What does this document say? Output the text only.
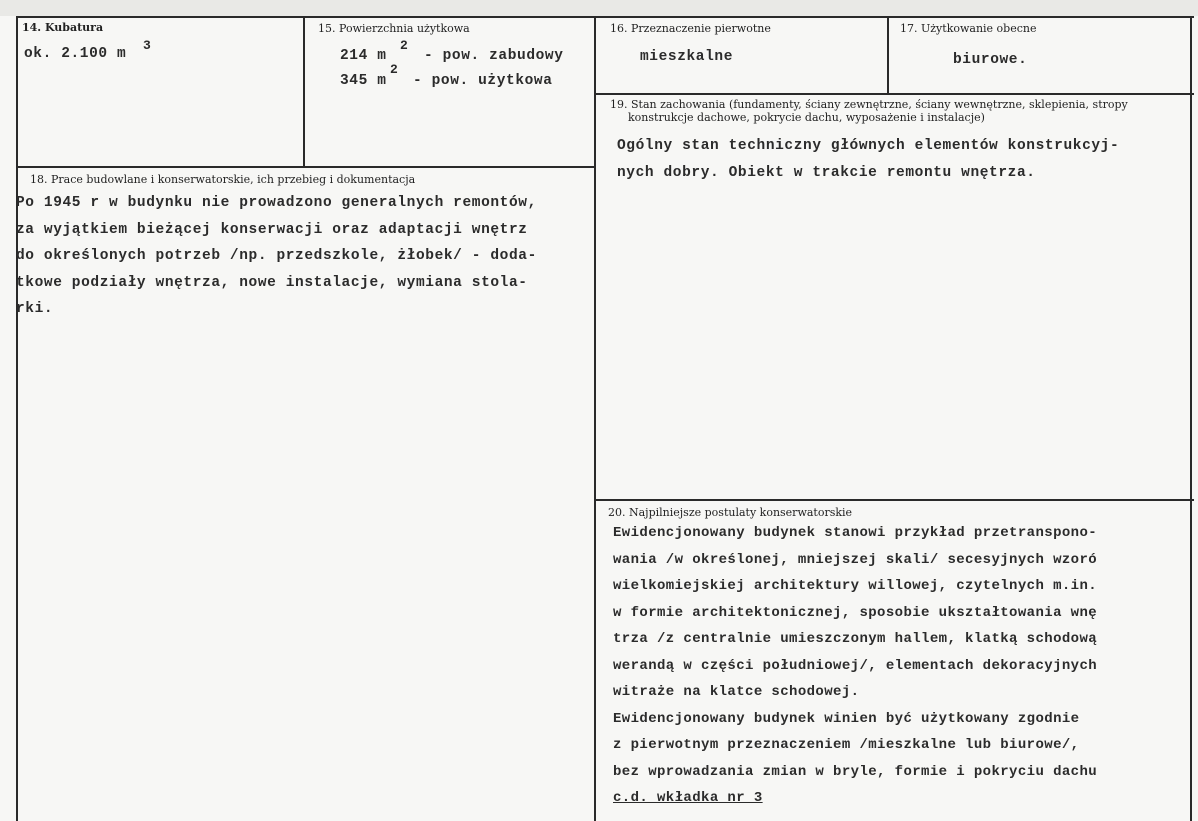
14. Kubatura
ok. 2.100 m
3
15. Powierzchnia użytkowa
214 m
2
- pow. zabudowy
345 m
2
- pow. użytkowa
16. Przeznaczenie pierwotne
mieszkalne
17. Użytkowanie obecne
biurowe.
18. Prace budowlane i konserwatorskie, ich przebieg i dokumentacja
Po 1945 r w budynku nie prowadzono generalnych remontów,
za wyjątkiem bieżącej konserwacji oraz adaptacji wnętrz
do określonych potrzeb /np. przedszkole, żłobek/ - doda-
tkowe podziały wnętrza, nowe instalacje, wymiana stola-
rki.
19. Stan zachowania (fundamenty, ściany zewnętrzne, ściany wewnętrzne, sklepienia, stropy
konstrukcje dachowe, pokrycie dachu, wyposażenie i instalacje)
Ogólny stan techniczny głównych elementów konstrukcyj-
nych dobry. Obiekt w trakcie remontu wnętrza.
20. Najpilniejsze postulaty konserwatorskie
Ewidencjonowany budynek stanowi przykład przetranspono-
wania /w określonej, mniejszej skali/ secesyjnych wzoró
wielkomiejskiej architektury willowej, czytelnych m.in.
w formie architektonicznej, sposobie ukształtowania wnę
trza /z centralnie umieszczonym hallem, klatką schodową
werandą w części południowej/, elementach dekoracyjnych
witraże na klatce schodowej.
Ewidencjonowany budynek winien być użytkowany zgodnie
z pierwotnym przeznaczeniem /mieszkalne lub biurowe/,
bez wprowadzania zmian w bryle, formie i pokryciu dachu
c.d. wkładka nr 3
